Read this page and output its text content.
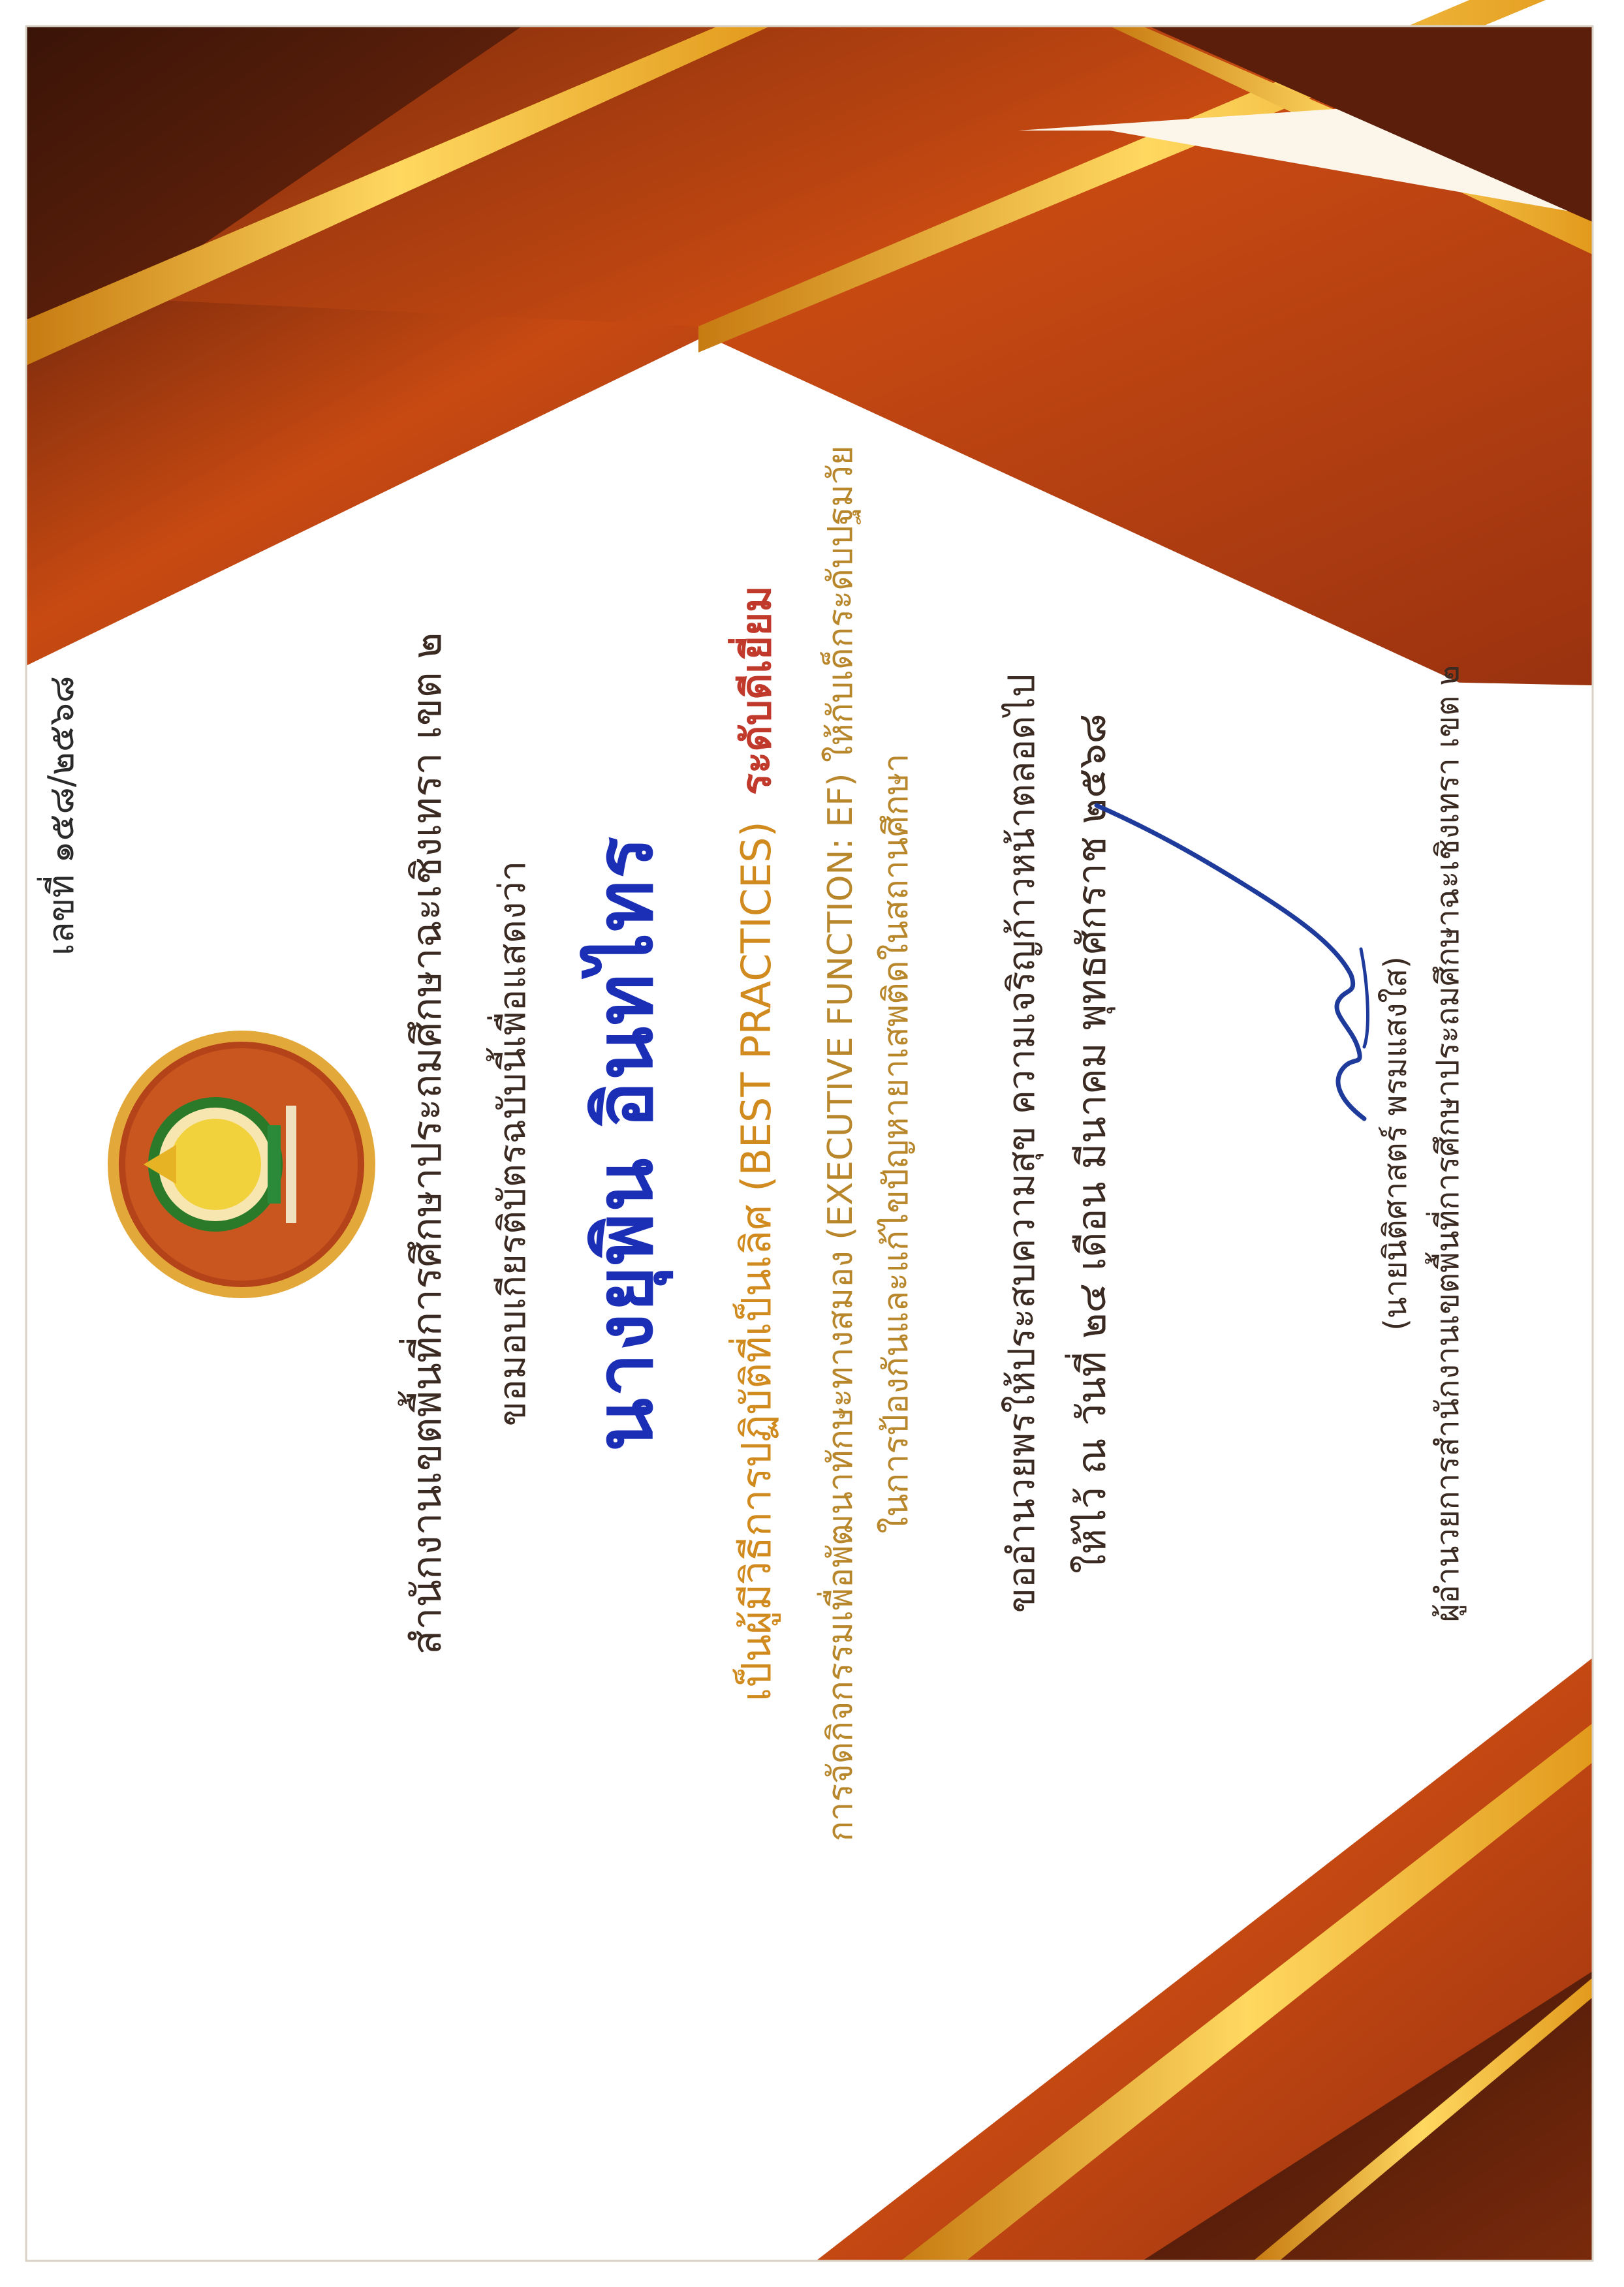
เลขที่ ๑๕๘/๒๕๖๘	สำนักงานเขตพื้นที่การศึกษาประถมศึกษาฉะเชิงเทรา เขต ๒ ขอมอบเกียรติบัตรฉบับนี้เพื่อแสดงว่า นางยุพิน อินทไทร	เป็นผู้มีวิธีการปฏิบัติที่เป็นเลิศ (BEST PRACTICES)ระดับดีเยี่ยม การจัดกิจกรรมเพื่อพัฒนาทักษะทางสมอง (EXECUTIVE FUNCTION: EF) ให้กับเด็กระดับปฐมวัย ในการป้องกันและแก้ไขปัญหายาเสพติดในสถานศึกษา ขออำนวยพรให้ประสบความสุข ความเจริญก้าวหน้าตลอดไป ให้ไว้ ณ วันที่ ๒๔ เดือน มีนาคม พุทธศักราช ๒๕๖๘	(นายนิติศาสตร์ พรมแสงใส) ผู้อำนวยการสำนักงานเขตพื้นที่การศึกษาประถมศึกษาฉะเชิงเทรา เขต ๒
